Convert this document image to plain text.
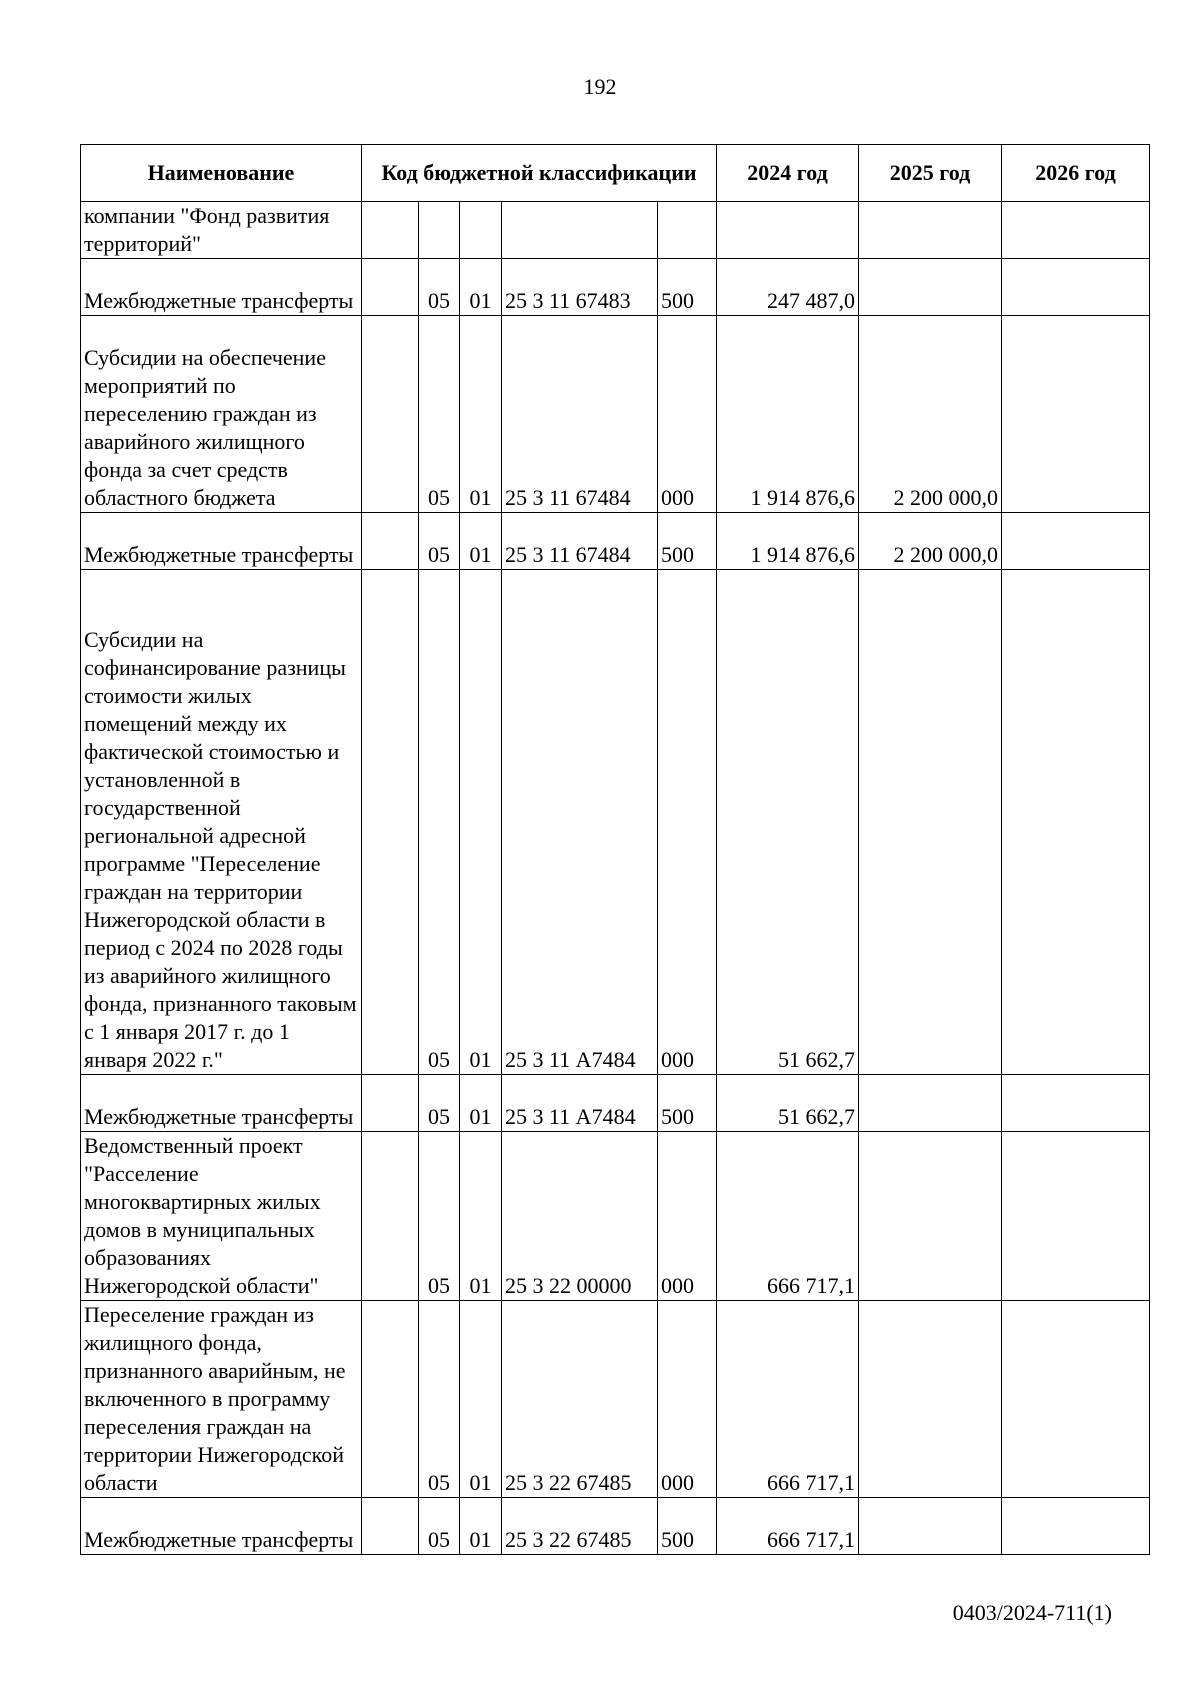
192
Наименование	Код бюджетной классификации					2024 год	2025 год	2026 год
компании "Фонд развития территорий"								
Межбюджетные трансферты		05	01	25 3 11 67483	500	247 487,0		
Субсидии на обеспечение мероприятий по переселению граждан из аварийного жилищного фонда за счет средств областного бюджета		05	01	25 3 11 67484	000	1 914 876,6	2 200 000,0	
Межбюджетные трансферты		05	01	25 3 11 67484	500	1 914 876,6	2 200 000,0	
Субсидии на софинансирование разницы стоимости жилых помещений между их фактической стоимостью и установленной в государственной региональной адресной программе "Переселение граждан на территории Нижегородской области в период с 2024 по 2028 годы из аварийного жилищного фонда, признанного таковым с 1 января 2017 г. до 1 января 2022 г."		05	01	25 3 11 А7484	000	51 662,7		
Межбюджетные трансферты		05	01	25 3 11 А7484	500	51 662,7		
Ведомственный проект "Расселение многоквартирных жилых домов в муниципальных образованиях Нижегородской области"		05	01	25 3 22 00000	000	666 717,1		
Переселение граждан из жилищного фонда, признанного аварийным, не включенного в программу переселения граждан на территории Нижегородской области		05	01	25 3 22 67485	000	666 717,1		
Межбюджетные трансферты		05	01	25 3 22 67485	500	666 717,1		
0403/2024-711(1)
